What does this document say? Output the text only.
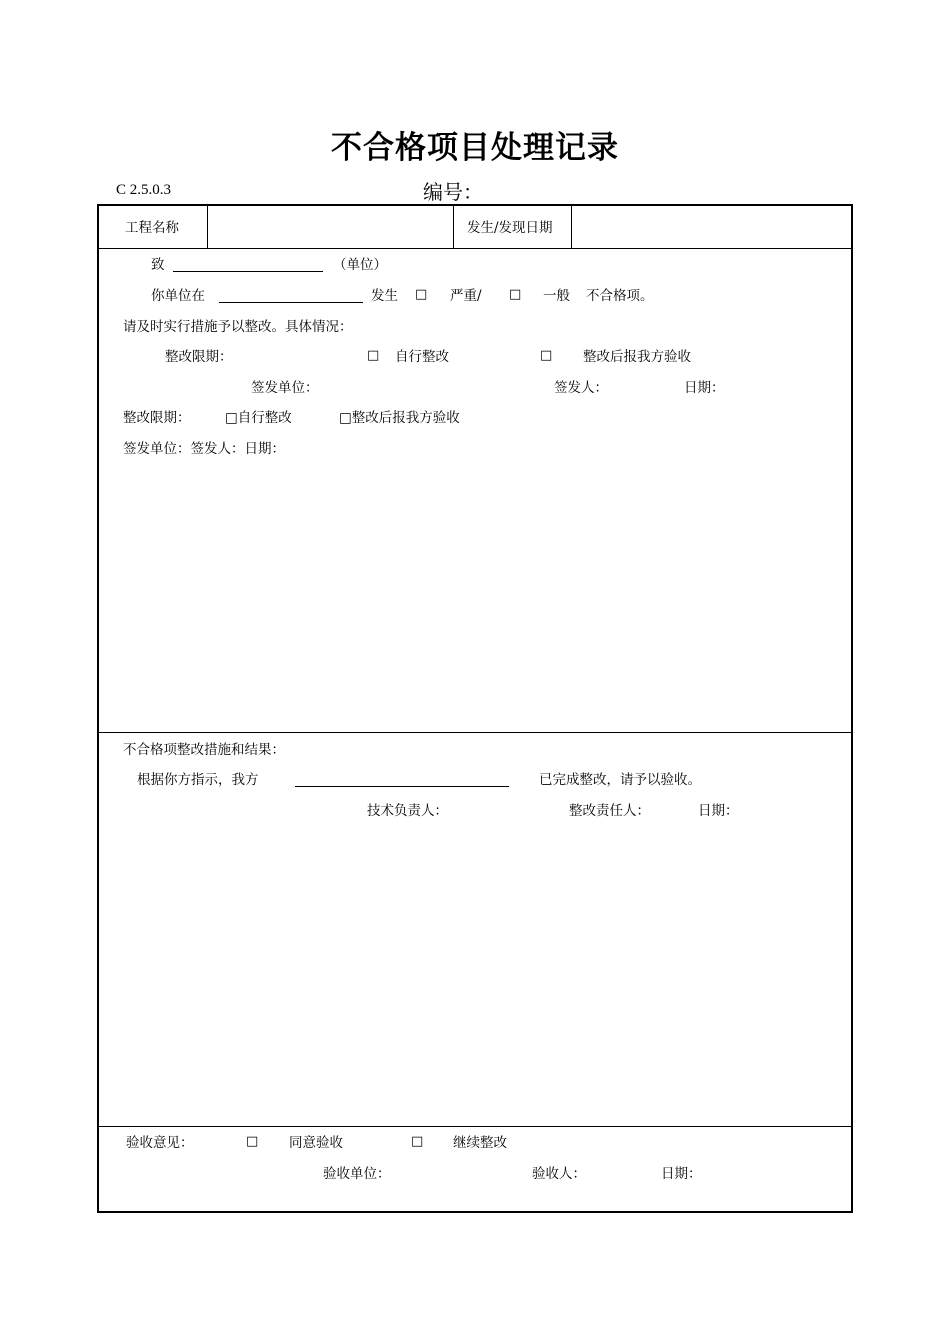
不合格项目处理记录
C 2.5.0.3	编号：
工程名称	发生/发现日期
致	（单位）
你单位在	发生 □ 严重/ □ 一般 不合格项。
请及时实行措施予以整改。具体情况：
整改限期：	□ 自行整改	□ 整改后报我方验收
签发单位：	签发人：	日期：
整改限期：	□自行整改	□整改后报我方验收
签发单位：签发人：日期：
不合格项整改措施和结果：
根据你方指示，我方	已完成整改，请予以验收。
技术负责人：	整改责任人：	日期：
验收意见：	□ 同意验收	□ 继续整改
验收单位：	验收人：	日期：
